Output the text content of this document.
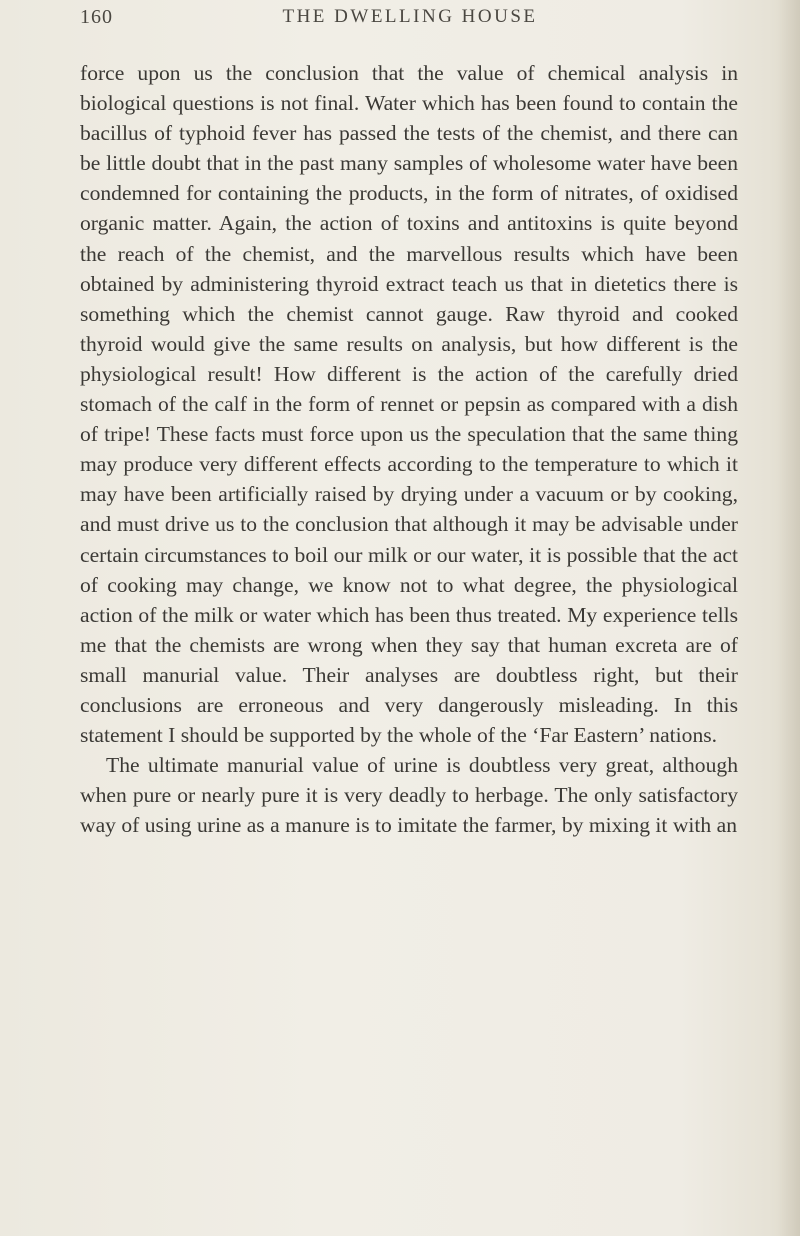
160	THE DWELLING HOUSE

force upon us the conclusion that the value of chemical analysis in biological questions is not final. Water which has been found to contain the bacillus of typhoid fever has passed the tests of the chemist, and there can be little doubt that in the past many samples of wholesome water have been condemned for containing the products, in the form of nitrates, of oxidised organic matter. Again, the action of toxins and antitoxins is quite beyond the reach of the chemist, and the marvellous results which have been obtained by administering thyroid extract teach us that in dietetics there is something which the chemist cannot gauge. Raw thyroid and cooked thyroid would give the same results on analysis, but how different is the physiological result! How different is the action of the carefully dried stomach of the calf in the form of rennet or pepsin as compared with a dish of tripe! These facts must force upon us the speculation that the same thing may produce very different effects according to the temperature to which it may have been artificially raised by drying under a vacuum or by cooking, and must drive us to the conclusion that although it may be advisable under certain circumstances to boil our milk or our water, it is possible that the act of cooking may change, we know not to what degree, the physiological action of the milk or water which has been thus treated. My experience tells me that the chemists are wrong when they say that human excreta are of small manurial value. Their analyses are doubtless right, but their conclusions are erroneous and very dangerously misleading. In this statement I should be supported by the whole of the ‘Far Eastern’ nations.

The ultimate manurial value of urine is doubtless very great, although when pure or nearly pure it is very deadly to herbage. The only satisfactory way of using urine as a manure is to imitate the farmer, by mixing it with an
